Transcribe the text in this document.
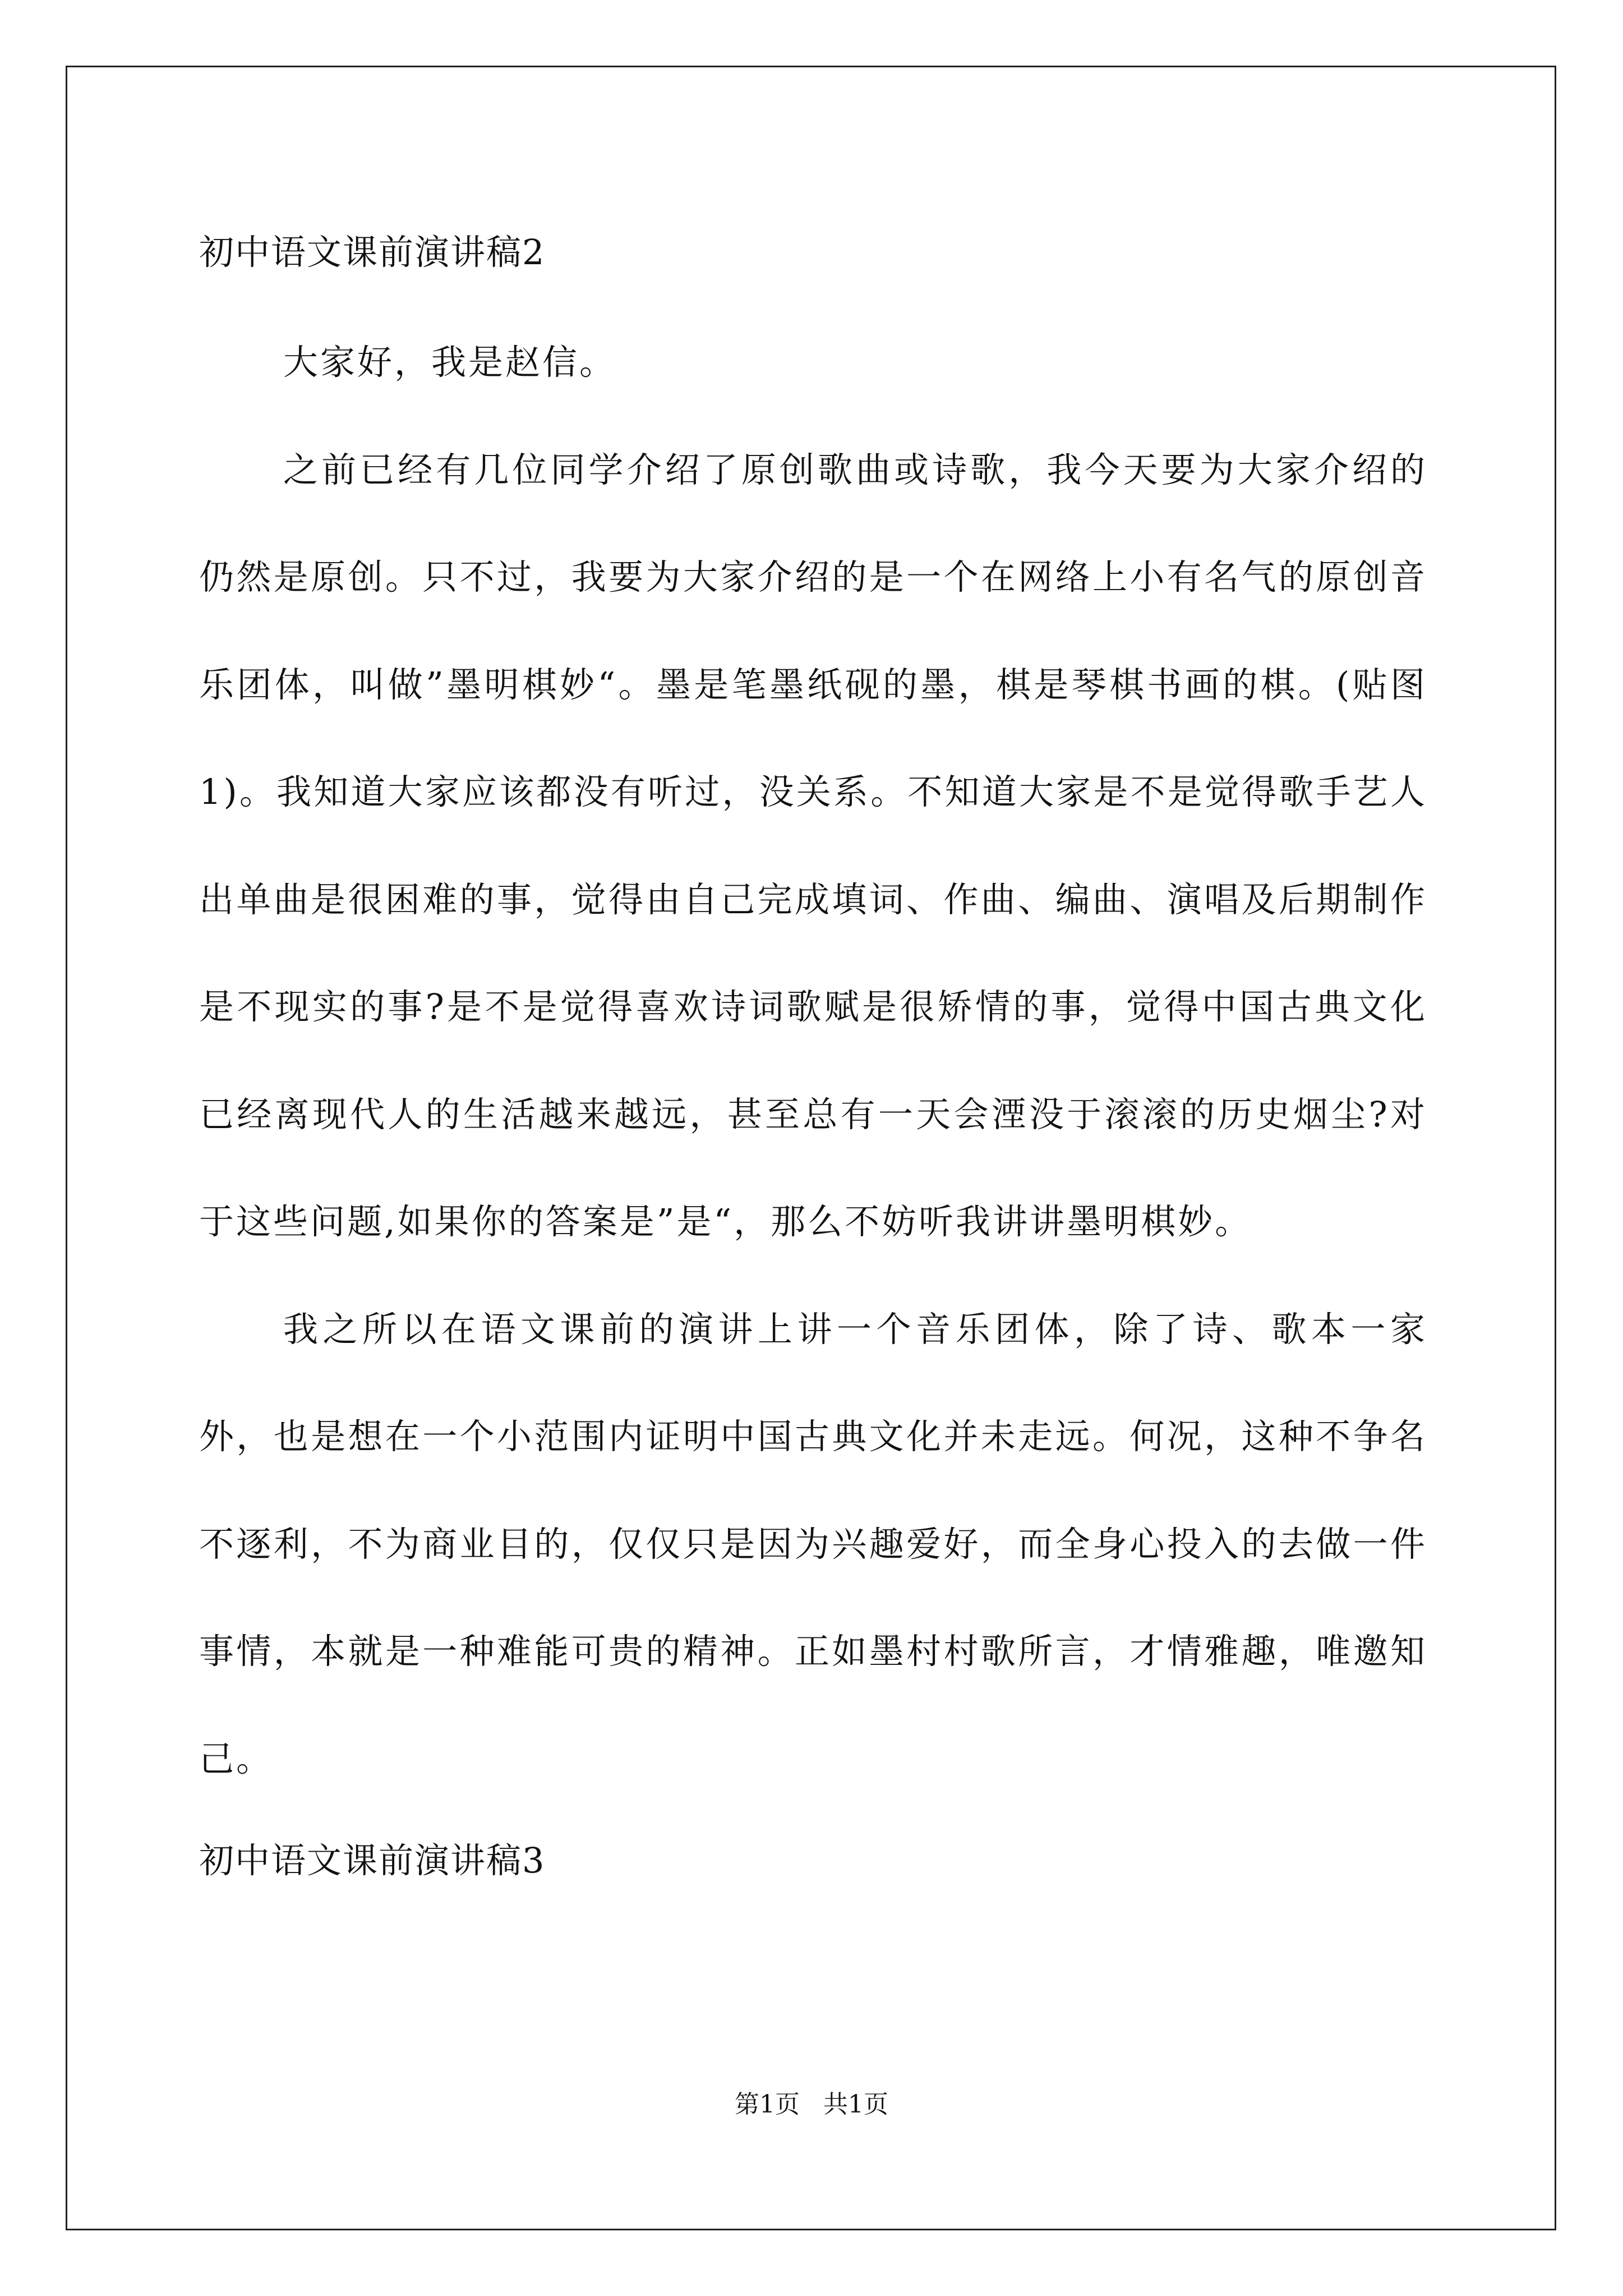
初中语文课前演讲稿2

大家好，我是赵信。

之前已经有几位同学介绍了原创歌曲或诗歌，我今天要为大家介绍的仍然是原创。只不过，我要为大家介绍的是一个在网络上小有名气的原创音乐团体，叫做”墨明棋妙“。墨是笔墨纸砚的墨，棋是琴棋书画的棋。(贴图1)。我知道大家应该都没有听过，没关系。不知道大家是不是觉得歌手艺人出单曲是很困难的事，觉得由自己完成填词、作曲、编曲、演唱及后期制作是不现实的事?是不是觉得喜欢诗词歌赋是很矫情的事，觉得中国古典文化已经离现代人的生活越来越远，甚至总有一天会湮没于滚滚的历史烟尘?对于这些问题,如果你的答案是”是“，那么不妨听我讲讲墨明棋妙。

我之所以在语文课前的演讲上讲一个音乐团体，除了诗、歌本一家外，也是想在一个小范围内证明中国古典文化并未走远。何况，这种不争名不逐利，不为商业目的，仅仅只是因为兴趣爱好，而全身心投入的去做一件事情，本就是一种难能可贵的精神。正如墨村村歌所言，才情雅趣，唯邀知己。

初中语文课前演讲稿3
第1页   共1页
